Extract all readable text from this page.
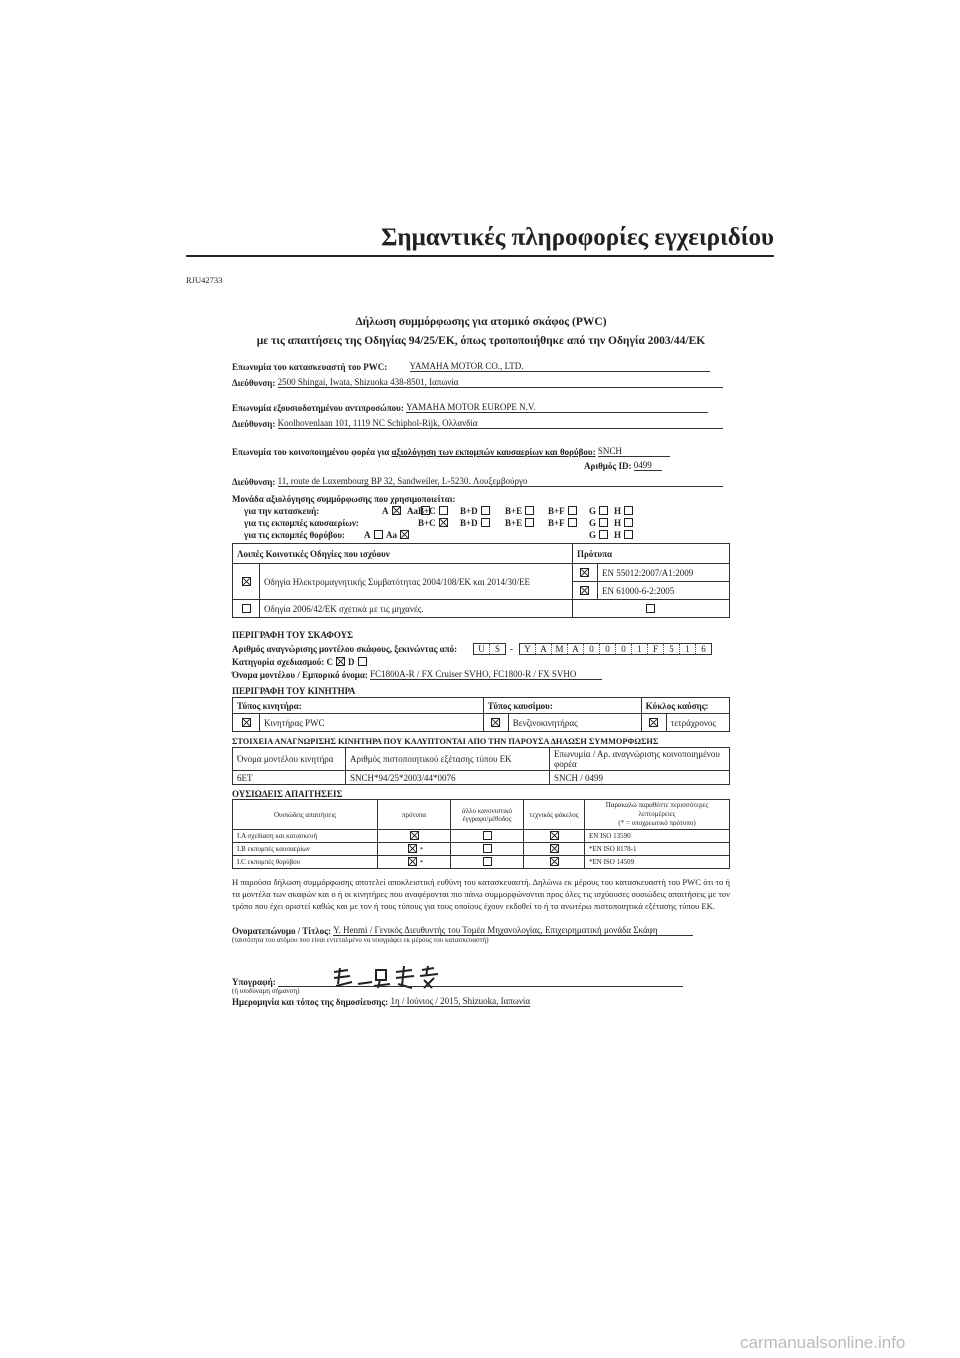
Σημαντικές πληροφορίες εγχειριδίου
RJU42733
Δήλωση συμμόρφωσης για ατομικό σκάφος (PWC)
με τις απαιτήσεις της Οδηγίας 94/25/ΕΚ, όπως τροποποιήθηκε από την Οδηγία 2003/44/ΕΚ
Επωνυμία του κατασκευαστή του PWC: YAMAHA MOTOR CO., LTD.
Διεύθυνση: 2500 Shingai, Iwata, Shizuoka 438-8501, Ιαπωνία
Επωνυμία εξουσιοδοτημένου αντιπροσώπου: YAMAHA MOTOR EUROPE N.V.
Διεύθυνση: Koolhovenlaan 101, 1119 NC Schiphol-Rijk, Ολλανδία
Επωνυμία του κοινοποιημένου φορέα για αξιολόγηση των εκπομπών καυσαερίων και θορύβου: SNCH
Αριθμός ID: 0499
Διεύθυνση: 11, route de Luxembourg BP 32, Sandweiler, L-5230. Λουξεμβούργο
Μονάδα αξιολόγησης συμμόρφωσης που χρησιμοποιείται:
για την κατασκευή:	A	Aa B+C	B+D	B+E	B+F	G	H
για τις εκπομπές καυσαερίων:	B+C	B+D	B+E	B+F	G	H
για τις εκπομπές θορύβου: A	Aa	G	H
Λοιπές Κοινοτικές Οδηγίες που ισχύουν		Πρότυπα	
	Οδηγία Ηλεκτρομαγνητικής Συμβατότητας 2004/108/ΕΚ και 2014/30/ΕΕ		EN 55012:2007/A1:2009
			EN 61000-6-2:2005
	Οδηγία 2006/42/ΕΚ σχετικά με τις μηχανές.		
ΠΕΡΙΓΡΑΦΗ ΤΟΥ ΣΚΑΦΟΥΣ
Αριθμός αναγνώρισης μοντέλου σκάφους, ξεκινώντας από:	U S	-	Y A M A 0 0 0 1 F 5 1 6
Κατηγορία σχεδιασμού: C D
Όνομα μοντέλου / Εμπορικό όνομα: FC1800A-R / FX Cruiser SVHO, FC1800-R / FX SVHO
ΠΕΡΙΓΡΑΦΗ ΤΟΥ ΚΙΝΗΤΗΡΑ
Τύπος κινητήρα:		Τύπος καυσίμου:		Κύκλος καύσης:	
	Κινητήρας PWC		Βενζινοκινητήρας		τετράχρονος
ΣΤΟΙΧΕΙΑ ΑΝΑΓΝΩΡΙΣΗΣ ΚΙΝΗΤΗΡΑ ΠΟΥ ΚΑΛΥΠΤΟΝΤΑΙ ΑΠΟ ΤΗΝ ΠΑΡΟΥΣΑ ΔΗΛΩΣΗ ΣΥΜΜΟΡΦΩΣΗΣ
Όνομα μοντέλου κινητήρα	Αριθμός πιστοποιητικού εξέτασης τύπου ΕΚ	Επωνυμία / Αρ. αναγνώρισης κοινοποιημένου φορέα
6ET	SNCH*94/25*2003/44*0076	SNCH / 0499
ΟΥΣΙΩΔΕΙΣ ΑΠΑΙΤΗΣΕΙΣ
Ουσιώδεις απαιτήσεις	πρότυπα	άλλο κανονιστικό έγγραφο/μέθοδος	τεχνικός φάκελος	Παρακαλώ παραθέστε περισσότερες λεπτομέρειες
(* = υποχρεωτικό πρότυπο)
I.A σχεδίαση και κατασκευή				EN ISO 13590
I.B εκπομπές καυσαερίων	*			*EN ISO 8178-1
I.C εκπομπές θορύβου	*			*EN ISO 14509
Η παρούσα δήλωση συμμόρφωσης αποτελεί αποκλειστική ευθύνη του κατασκευαστή. Δηλώνω εκ μέρους του κατασκευαστή του PWC ότι το ή τα μοντέλα των σκαφών και ο ή οι κινητήρες που αναφέρονται πιο πάνω συμμορφώνονται προς όλες τις ισχύουσες ουσιώδεις απαιτήσεις με τον τρόπο που έχει οριστεί καθώς και με τον ή τους τύπους για τους οποίους έχουν εκδοθεί το ή τα ανωτέρω πιστοποιητικά εξέτασης τύπου ΕΚ.
Ονοματεπώνυμο / Τίτλος: Y. Henmi / Γενικός Διευθυντής του Τομέα Μηχανολογίας, Επιχειρηματική μονάδα Σκάφη
(ταυτότητα του ατόμου που είναι εντεταλμένο να υπογράφει εκ μέρους του κατασκευαστή)
Υπογραφή:
(ή ισοδύναμη σήμανση)
Ημερομηνία και τόπος της δημοσίευσης: 1η / Ιούνιος / 2015, Shizuoka, Ιαπωνία
carmanualsonline.info
